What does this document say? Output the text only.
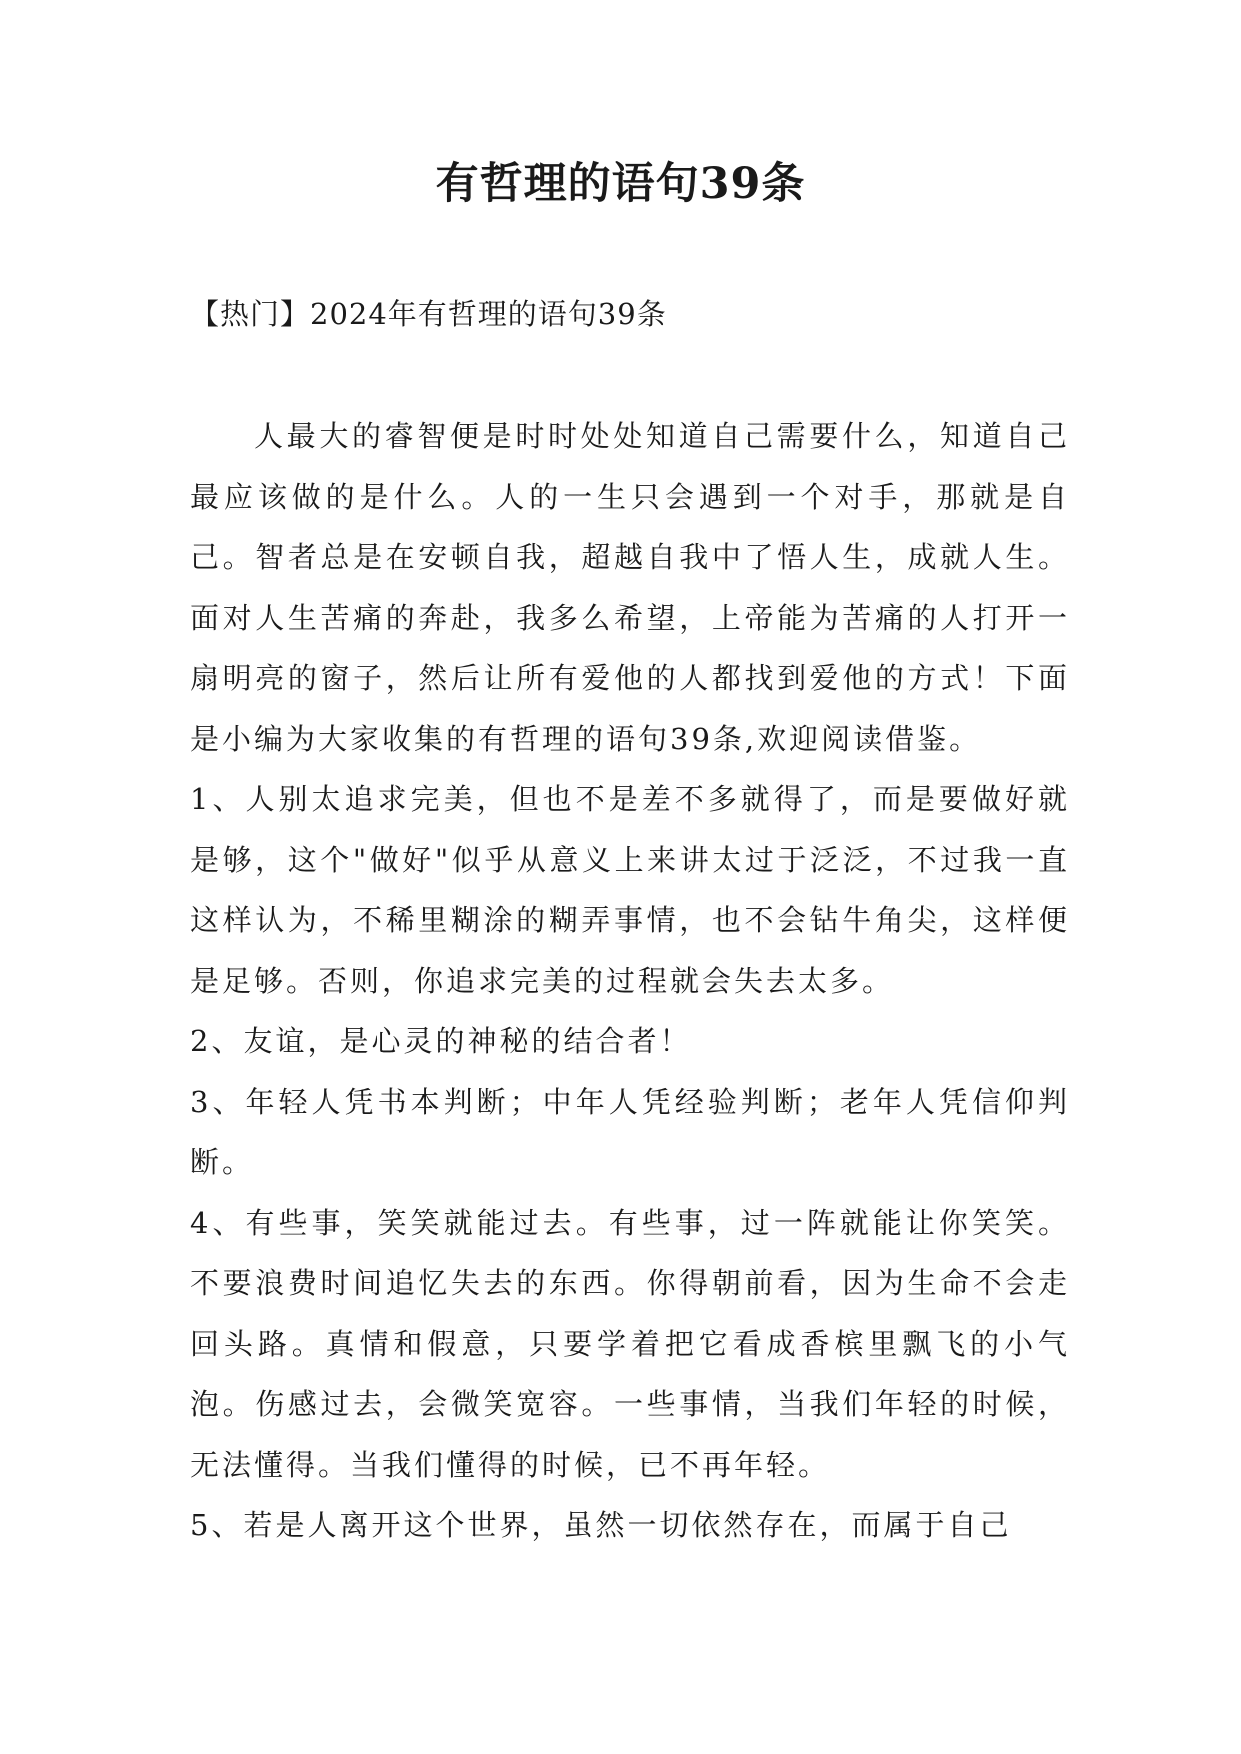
有哲理的语句39条
【热门】2024年有哲理的语句39条

人最大的睿智便是时时处处知道自己需要什么，知道自己最应该做的是什么。人的一生只会遇到一个对手，那就是自己。智者总是在安顿自我，超越自我中了悟人生，成就人生。面对人生苦痛的奔赴，我多么希望，上帝能为苦痛的人打开一扇明亮的窗子，然后让所有爱他的人都找到爱他的方式！下面是小编为大家收集的有哲理的语句39条,欢迎阅读借鉴。

1、人别太追求完美，但也不是差不多就得了，而是要做好就是够，这个"做好"似乎从意义上来讲太过于泛泛，不过我一直这样认为，不稀里糊涂的糊弄事情，也不会钻牛角尖，这样便是足够。否则，你追求完美的过程就会失去太多。

2、友谊，是心灵的神秘的结合者！

3、年轻人凭书本判断；中年人凭经验判断；老年人凭信仰判断。

4、有些事，笑笑就能过去。有些事，过一阵就能让你笑笑。不要浪费时间追忆失去的东西。你得朝前看，因为生命不会走回头路。真情和假意，只要学着把它看成香槟里飘飞的小气泡。伤感过去，会微笑宽容。一些事情，当我们年轻的时候，无法懂得。当我们懂得的时候，已不再年轻。

5、若是人离开这个世界，虽然一切依然存在，而属于自己
